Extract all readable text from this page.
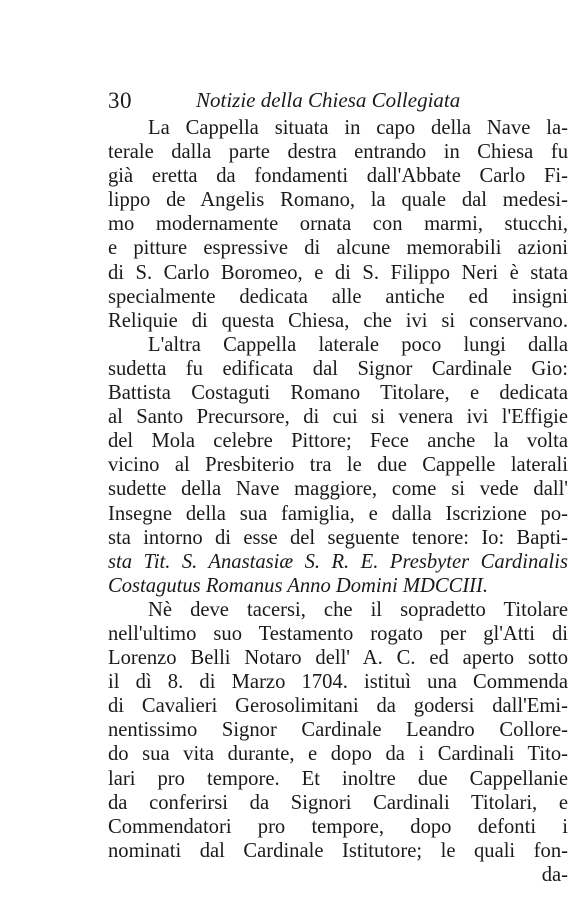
30	Notizie della Chiesa Collegiata
La Cappella situata in capo della Nave la-
terale dalla parte destra entrando in Chiesa fu
già eretta da fondamenti dall'Abbate Carlo Fi-
lippo de Angelis Romano, la quale dal medesi-
mo modernamente ornata con marmi, stucchi,
e pitture espressive di alcune memorabili azioni
di S. Carlo Boromeo, e di S. Filippo Neri è stata
specialmente dedicata alle antiche ed insigni
Reliquie di questa Chiesa, che ivi si conservano.
L'altra Cappella laterale poco lungi dalla
sudetta fu edificata dal Signor Cardinale Gio:
Battista Costaguti Romano Titolare, e dedicata
al Santo Precursore, di cui si venera ivi l'Effigie
del Mola celebre Pittore; Fece anche la volta
vicino al Presbiterio tra le due Cappelle laterali
sudette della Nave maggiore, come si vede dall'
Insegne della sua famiglia, e dalla Iscrizione po-
sta intorno di esse del seguente tenore: Io: Bapti-
sta Tit. S. Anastasiæ S. R. E. Presbyter Cardinalis
Costagutus Romanus Anno Domini MDCCIII.
Nè deve tacersi, che il sopradetto Titolare
nell'ultimo suo Testamento rogato per gl'Atti di
Lorenzo Belli Notaro dell' A. C. ed aperto sotto
il dì 8. di Marzo 1704. istituì una Commenda
di Cavalieri Gerosolimitani da godersi dall'Emi-
nentissimo Signor Cardinale Leandro Collore-
do sua vita durante, e dopo da i Cardinali Tito-
lari pro tempore. Et inoltre due Cappellanie
da conferirsi da Signori Cardinali Titolari, e
Commendatori pro tempore, dopo defonti i
nominati dal Cardinale Istitutore; le quali fon-
da-
